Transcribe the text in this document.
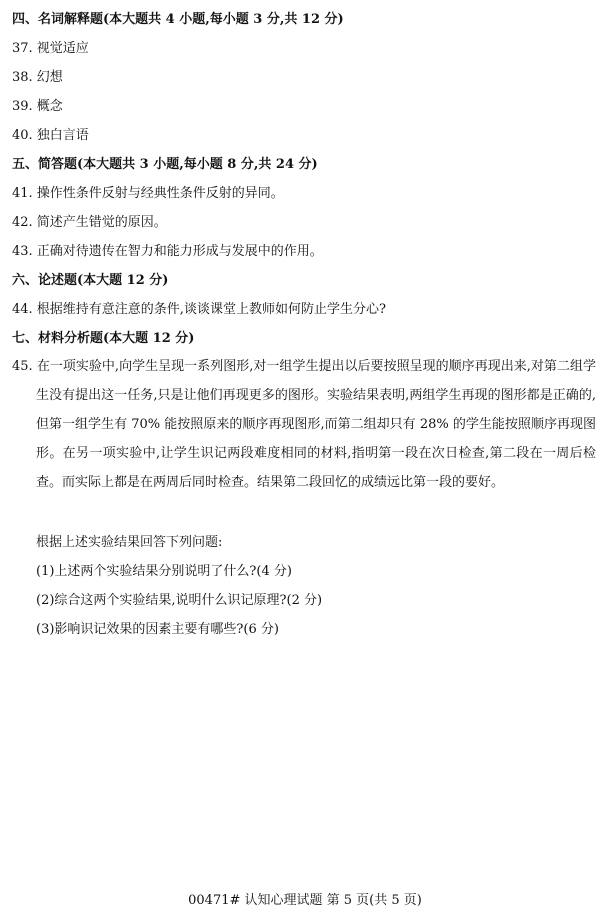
四、名词解释题(本大题共 4 小题,每小题 3 分,共 12 分)
37. 视觉适应
38. 幻想
39. 概念
40. 独白言语
五、简答题(本大题共 3 小题,每小题 8 分,共 24 分)
41. 操作性条件反射与经典性条件反射的异同。
42. 简述产生错觉的原因。
43. 正确对待遗传在智力和能力形成与发展中的作用。
六、论述题(本大题 12 分)
44. 根据维持有意注意的条件,谈谈课堂上教师如何防止学生分心?
七、材料分析题(本大题 12 分)
45. 在一项实验中,向学生呈现一系列图形,对一组学生提出以后要按照呈现的顺序再现出来,对第二组学生没有提出这一任务,只是让他们再现更多的图形。实验结果表明,两组学生再现的图形都是正确的,但第一组学生有 70% 能按照原来的顺序再现图形,而第二组却只有 28% 的学生能按照顺序再现图形。在另一项实验中,让学生识记两段难度相同的材料,指明第一段在次日检查,第二段在一周后检查。而实际上都是在两周后同时检查。结果第二段回忆的成绩远比第一段的要好。
根据上述实验结果回答下列问题:
(1)上述两个实验结果分别说明了什么?(4 分)
(2)综合这两个实验结果,说明什么识记原理?(2 分)
(3)影响识记效果的因素主要有哪些?(6 分)
00471# 认知心理试题 第 5 页(共 5 页)
